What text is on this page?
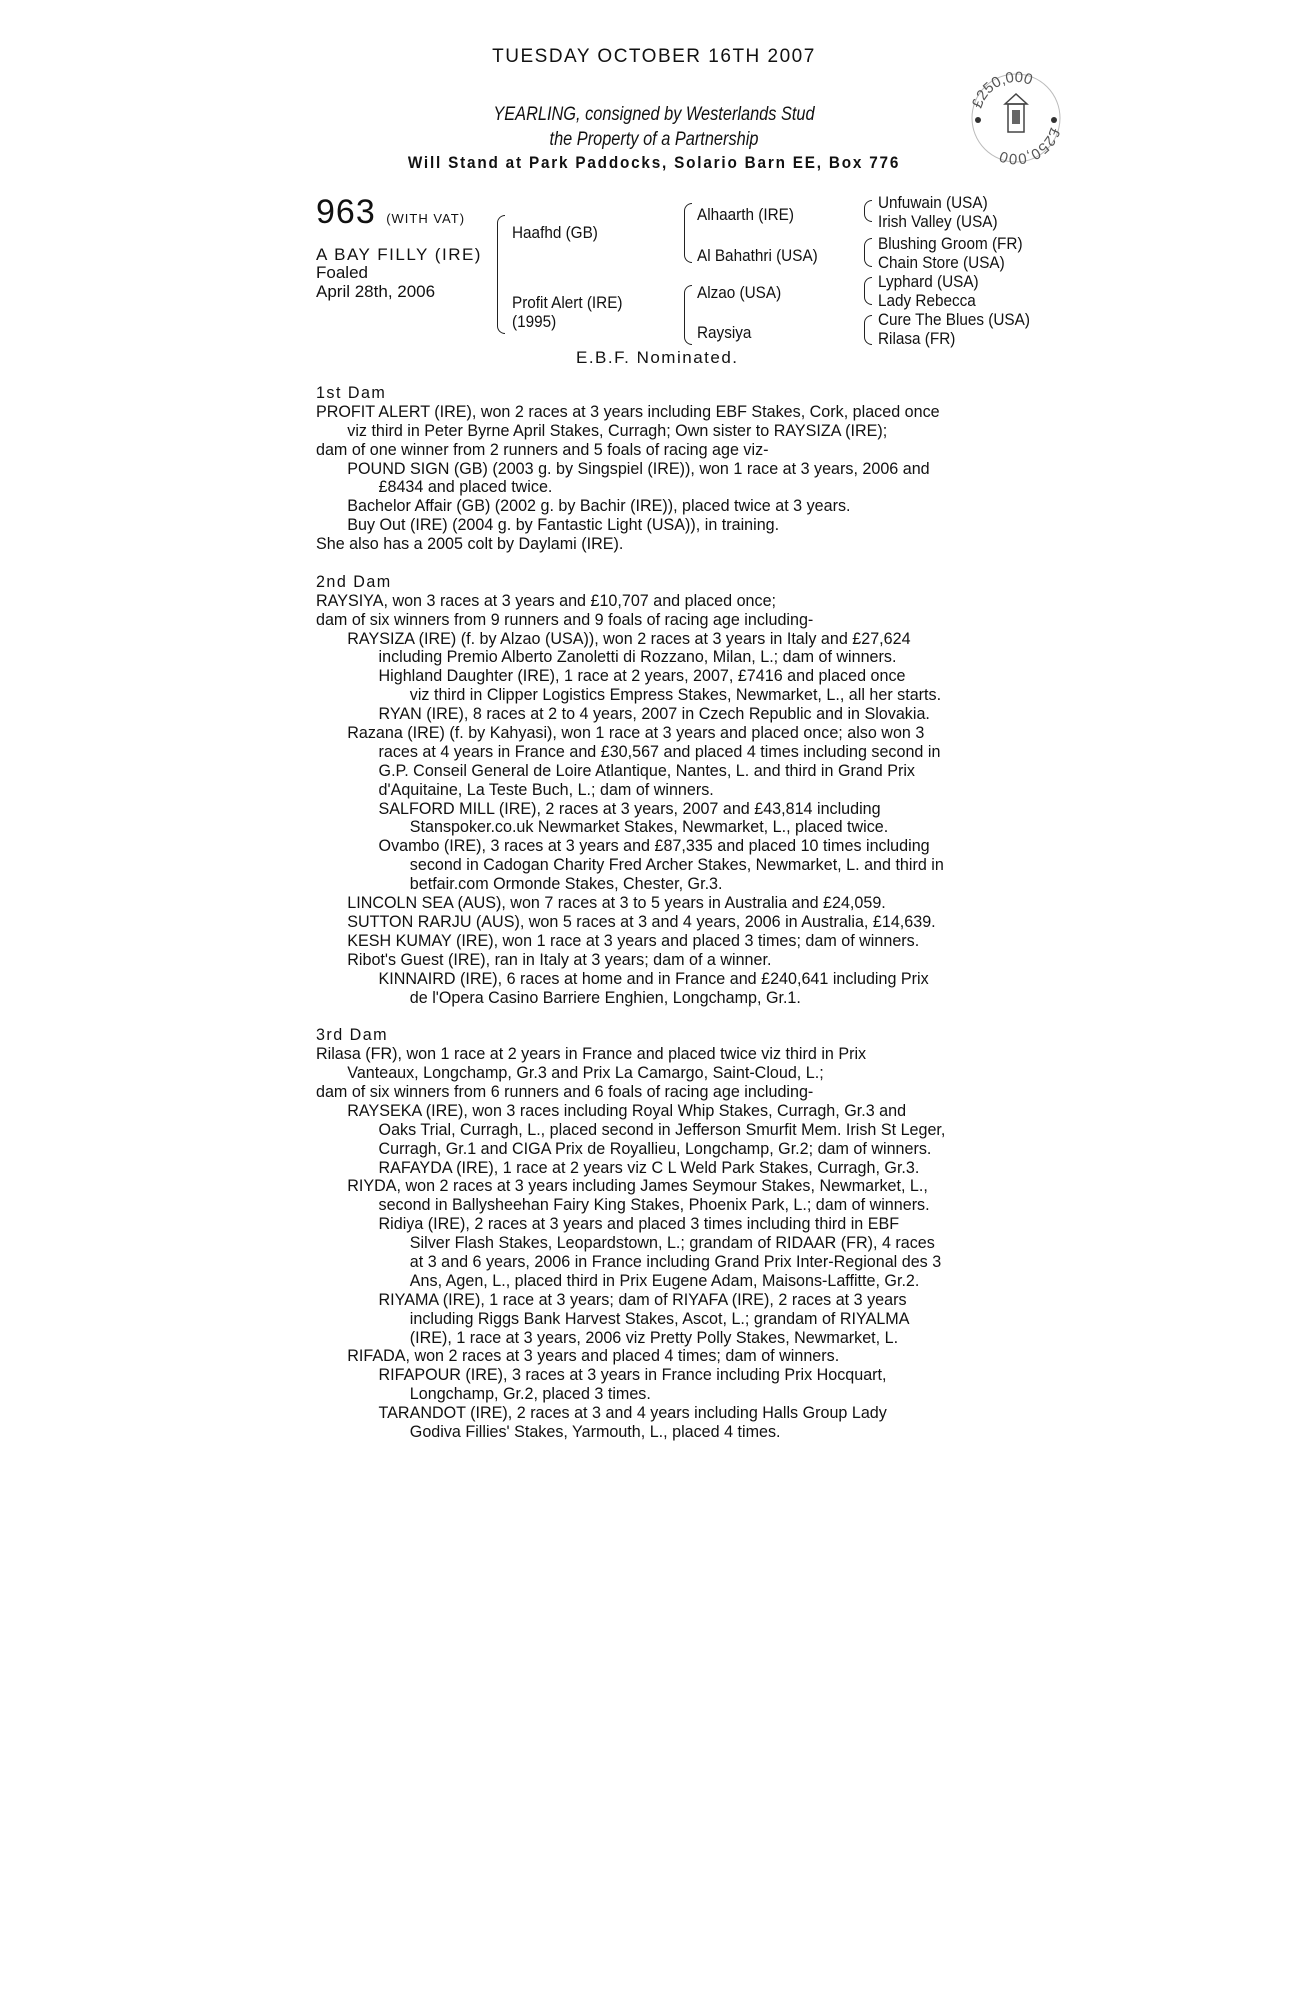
TUESDAY OCTOBER 16TH 2007
YEARLING, consigned by Westerlands Stud
the Property of a Partnership
Will Stand at Park Paddocks, Solario Barn EE, Box 776
£250,000
£250,000
963 (WITH VAT)
A BAY FILLY (IRE)
Foaled
April 28th, 2006
Haafhd (GB)
Profit Alert (IRE)
(1995)
Alhaarth (IRE)
Al Bahathri (USA)
Alzao (USA)
Raysiya
Unfuwain (USA)
Irish Valley (USA)
Blushing Groom (FR)
Chain Store (USA)
Lyphard (USA)
Lady Rebecca
Cure The Blues (USA)
Rilasa (FR)
E.B.F. Nominated.
1st Dam
PROFIT ALERT (IRE), won 2 races at 3 years including EBF Stakes, Cork, placed once
viz third in Peter Byrne April Stakes, Curragh; Own sister to RAYSIZA (IRE);
dam of one winner from 2 runners and 5 foals of racing age viz-
POUND SIGN (GB) (2003 g. by Singspiel (IRE)), won 1 race at 3 years, 2006 and
£8434 and placed twice.
Bachelor Affair (GB) (2002 g. by Bachir (IRE)), placed twice at 3 years.
Buy Out (IRE) (2004 g. by Fantastic Light (USA)), in training.
She also has a 2005 colt by Daylami (IRE).
2nd Dam
RAYSIYA, won 3 races at 3 years and £10,707 and placed once;
dam of six winners from 9 runners and 9 foals of racing age including-
RAYSIZA (IRE) (f. by Alzao (USA)), won 2 races at 3 years in Italy and £27,624
including Premio Alberto Zanoletti di Rozzano, Milan, L.; dam of winners.
Highland Daughter (IRE), 1 race at 2 years, 2007, £7416 and placed once
viz third in Clipper Logistics Empress Stakes, Newmarket, L., all her starts.
RYAN (IRE), 8 races at 2 to 4 years, 2007 in Czech Republic and in Slovakia.
Razana (IRE) (f. by Kahyasi), won 1 race at 3 years and placed once; also won 3
races at 4 years in France and £30,567 and placed 4 times including second in
G.P. Conseil General de Loire Atlantique, Nantes, L. and third in Grand Prix
d'Aquitaine, La Teste Buch, L.; dam of winners.
SALFORD MILL (IRE), 2 races at 3 years, 2007 and £43,814 including
Stanspoker.co.uk Newmarket Stakes, Newmarket, L., placed twice.
Ovambo (IRE), 3 races at 3 years and £87,335 and placed 10 times including
second in Cadogan Charity Fred Archer Stakes, Newmarket, L. and third in
betfair.com Ormonde Stakes, Chester, Gr.3.
LINCOLN SEA (AUS), won 7 races at 3 to 5 years in Australia and £24,059.
SUTTON RARJU (AUS), won 5 races at 3 and 4 years, 2006 in Australia, £14,639.
KESH KUMAY (IRE), won 1 race at 3 years and placed 3 times; dam of winners.
Ribot's Guest (IRE), ran in Italy at 3 years; dam of a winner.
KINNAIRD (IRE), 6 races at home and in France and £240,641 including Prix
de l'Opera Casino Barriere Enghien, Longchamp, Gr.1.
3rd Dam
Rilasa (FR), won 1 race at 2 years in France and placed twice viz third in Prix
Vanteaux, Longchamp, Gr.3 and Prix La Camargo, Saint-Cloud, L.;
dam of six winners from 6 runners and 6 foals of racing age including-
RAYSEKA (IRE), won 3 races including Royal Whip Stakes, Curragh, Gr.3 and
Oaks Trial, Curragh, L., placed second in Jefferson Smurfit Mem. Irish St Leger,
Curragh, Gr.1 and CIGA Prix de Royallieu, Longchamp, Gr.2; dam of winners.
RAFAYDA (IRE), 1 race at 2 years viz C L Weld Park Stakes, Curragh, Gr.3.
RIYDA, won 2 races at 3 years including James Seymour Stakes, Newmarket, L.,
second in Ballysheehan Fairy King Stakes, Phoenix Park, L.; dam of winners.
Ridiya (IRE), 2 races at 3 years and placed 3 times including third in EBF
Silver Flash Stakes, Leopardstown, L.; grandam of RIDAAR (FR), 4 races
at 3 and 6 years, 2006 in France including Grand Prix Inter-Regional des 3
Ans, Agen, L., placed third in Prix Eugene Adam, Maisons-Laffitte, Gr.2.
RIYAMA (IRE), 1 race at 3 years; dam of RIYAFA (IRE), 2 races at 3 years
including Riggs Bank Harvest Stakes, Ascot, L.; grandam of RIYALMA
(IRE), 1 race at 3 years, 2006 viz Pretty Polly Stakes, Newmarket, L.
RIFADA, won 2 races at 3 years and placed 4 times; dam of winners.
RIFAPOUR (IRE), 3 races at 3 years in France including Prix Hocquart,
Longchamp, Gr.2, placed 3 times.
TARANDOT (IRE), 2 races at 3 and 4 years including Halls Group Lady
Godiva Fillies' Stakes, Yarmouth, L., placed 4 times.
